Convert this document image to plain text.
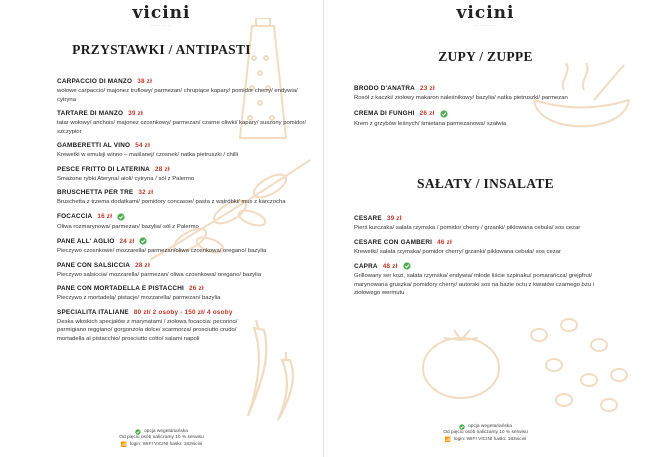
vicini
— — — —
PRZYSTAWKI / ANTIPASTI
CARPACCIO DI MANZO 38 zł
wołowe carpaccio/ majonez truflowy/ parmezan/ chrupiące kapary/ pomidor cherry/ endywia/ cytryna
TARTARE DI MANZO 39 zł
tatar wołowy/ anchois/ majonez czosnkowy/ parmezan/ czarne oliwki/ kapary/ suszony pomidor/ szczypior
GAMBERETTI AL VINO 54 zł
Krewetki w emulsji winno – maślanej/ czosnek/ natka pietruszki / chilli
PESCE FRITTO DI LATERINA 28 zł
Smażone rybki Ateryna/ aioli/ cytryna / sól z Palermo
BRUSCHETTA PER TRE 32 zł
Bruschetta z trzema dodatkami/ pomidory concasse/ pasta z wątróbki/ mus z karczocha
FOCACCIA 16 zł
Oliwa rozmarynowa/ parmezan/ bazylia/ sól z Palermo
PANE ALL' AGLIO 24 zł
Pieczywo czosnkowe/ mozzarella/ parmezan/oliwa czosnkowa/ oregano/ bazylia
PANE CON SALSICCIA 28 zł
Pieczywo salsiccia/ mozzarella/ parmezan/ oliwa czosnkowa/ oregano/ bazylia
PANE CON MORTADELLA E PISTACCHI 26 zł
Pieczywo z mortadelą/ pistacje/ mozzarella/ parmezan/ bazylia
SPECIALITA ITALIANE 80 zł/ 2 osoby - 150 zł/ 4 osoby
Deska włoskich specjałów z marynatami / ziołowa focaccia: pecorino/ parmigiano reggiano/ gorgonzola dolce/ scarmorza/ prosciutto crudo/ mortadella al pistacchio/ prosciutto cotto/ salami napoli
opcja wegetariańska
Od pięciu osób naliczamy 10 % serwisu
📶 login: WIFI VICINI hasło: 183vicini
vicini
— — — —
ZUPY / ZUPPE
BRODO D'ANATRA 23 zł
Rosół z kaczki/ ziołowy makaron naleśnikowy/ bazylia/ natka pietruszki/ parmezan
CREMA DI FUNGHI 26 zł
Krem z grzybów leśnych/ śmietana parmezanowa/ szałwia
SAŁATY / INSALATE
CESARE 39 zł
Pierś kurczaka/ sałata rzymska / pomidor cherry / grzanki/ piklowana cebula/ sos cezar
CESARE CON GAMBERI 46 zł
Krewetki/ sałata rzymska/ pomidor cherry/ grzanki/ piklowana cebula/ sos cezar
CAPRA 48 zł
Grillowany ser kozi, sałata rzymska/ endywia/ młode liście szpinaku/ pomarańcza/ grejpfrut/ marynowana gruszka/ pomidory cherry/ autorski sos na bazie octu z kwiatów czarnego bzu i ziołowego wermutu
opcja wegetariańska
Od pięciu osób naliczamy 10 % serwisu
📶 login: WIFI VICINI hasło: 183vicini
